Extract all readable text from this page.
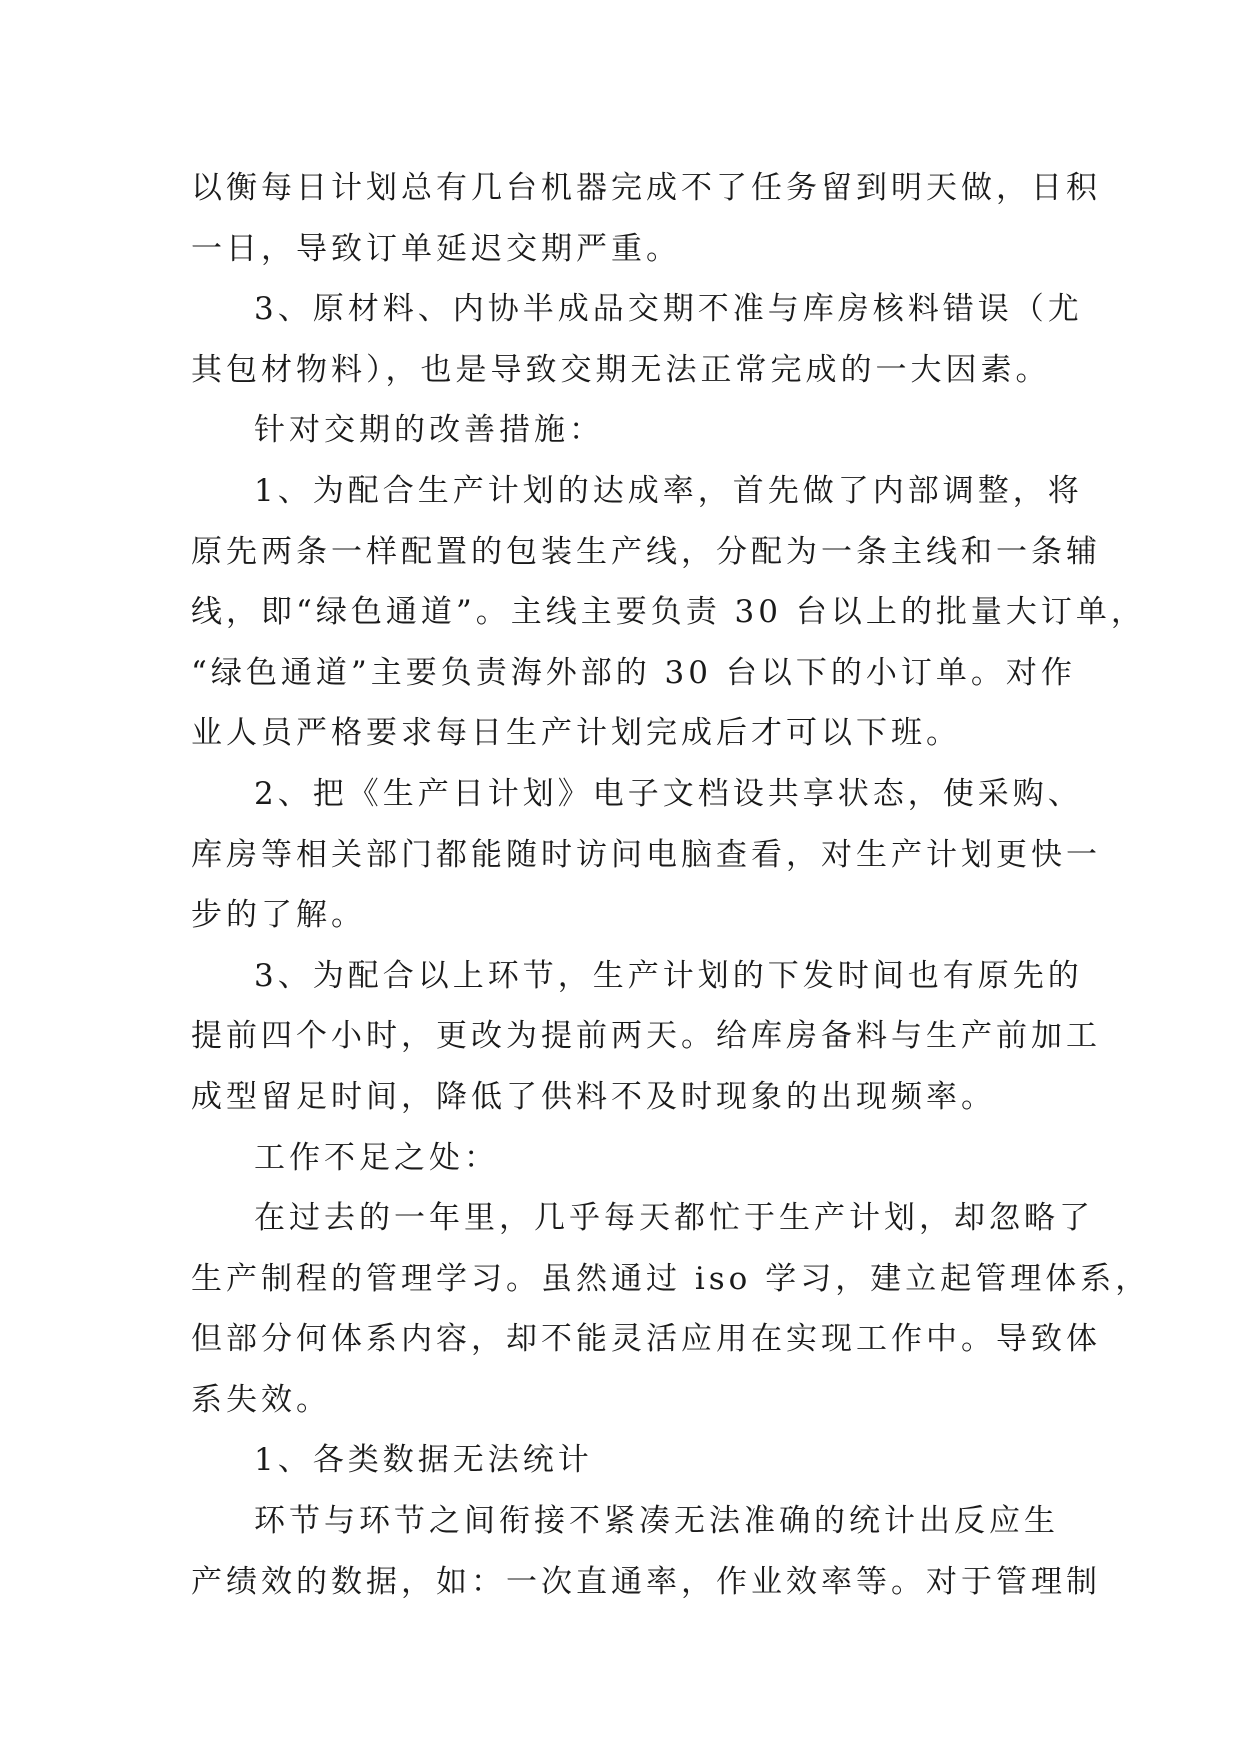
以衡每日计划总有几台机器完成不了任务留到明天做，日积
一日，导致订单延迟交期严重。
3、原材料、内协半成品交期不准与库房核料错误（尤
其包材物料），也是导致交期无法正常完成的一大因素。
针对交期的改善措施：
1、为配合生产计划的达成率，首先做了内部调整，将
原先两条一样配置的包装生产线，分配为一条主线和一条辅
线，即“绿色通道”。主线主要负责 30 台以上的批量大订单，
“绿色通道”主要负责海外部的 30 台以下的小订单。对作
业人员严格要求每日生产计划完成后才可以下班。
2、把《生产日计划》电子文档设共享状态，使采购、
库房等相关部门都能随时访问电脑查看，对生产计划更快一
步的了解。
3、为配合以上环节，生产计划的下发时间也有原先的
提前四个小时，更改为提前两天。给库房备料与生产前加工
成型留足时间，降低了供料不及时现象的出现频率。
工作不足之处：
在过去的一年里，几乎每天都忙于生产计划，却忽略了
生产制程的管理学习。虽然通过 iso 学习，建立起管理体系，
但部分何体系内容，却不能灵活应用在实现工作中。导致体
系失效。
1、各类数据无法统计
环节与环节之间衔接不紧凑无法准确的统计出反应生
产绩效的数据，如：一次直通率，作业效率等。对于管理制
